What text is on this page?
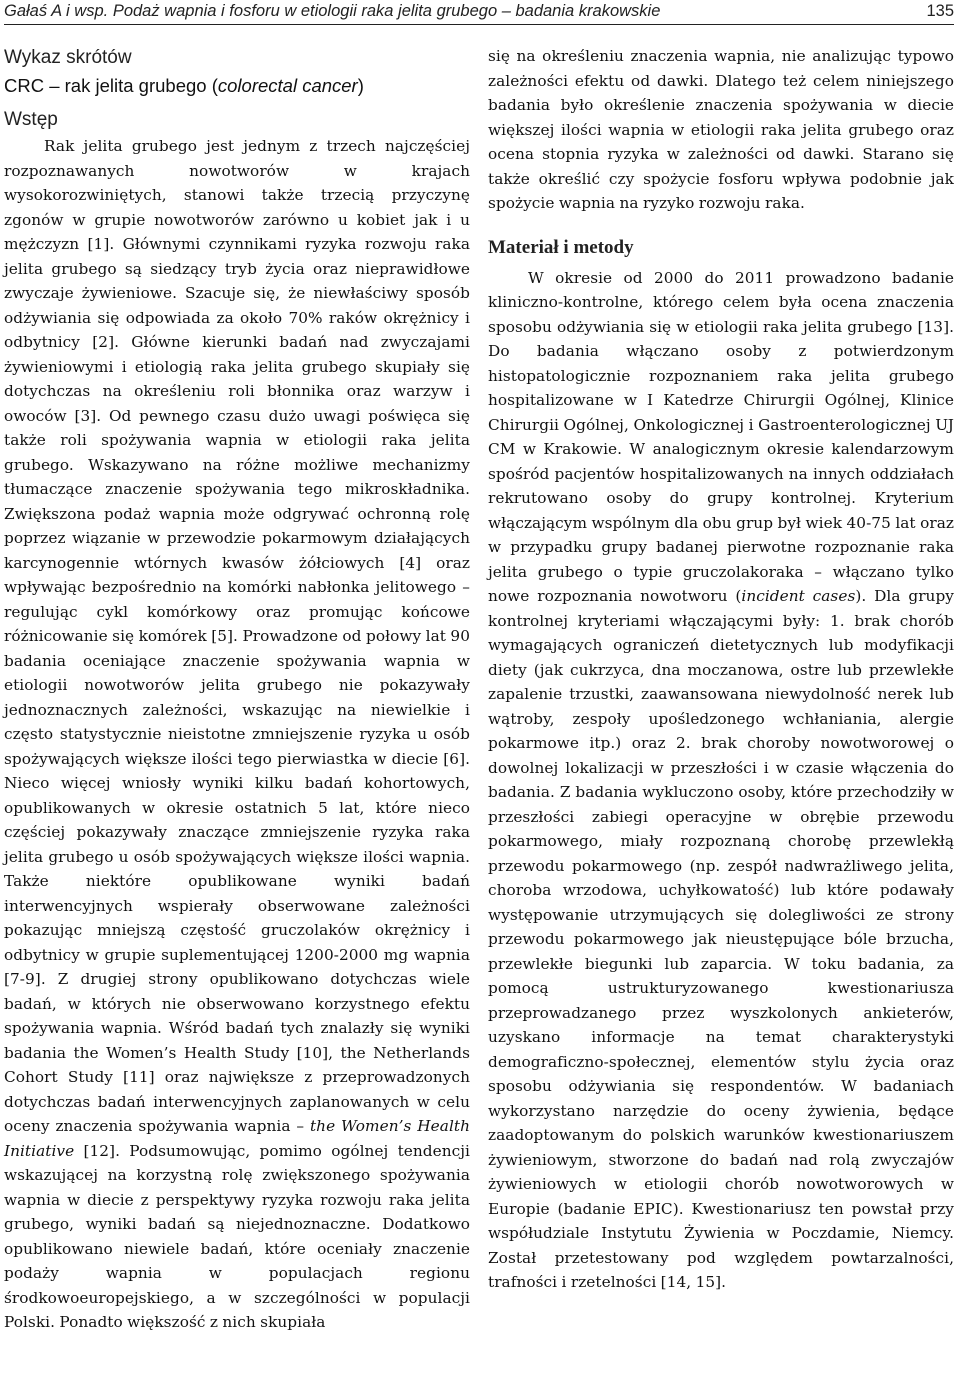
Gałaś A i wsp. Podaż wapnia i fosforu w etiologii raka jelita grubego – badania krakowskie	135
Wykaz skrótów
CRC – rak jelita grubego (colorectal cancer)
Wstęp

Rak jelita grubego jest jednym z trzech najczęściej rozpoznawanych nowotworów w krajach wysokorozwiniętych, stanowi także trzecią przyczynę zgonów w grupie nowotworów zarówno u kobiet jak i u mężczyzn [1]. Głównymi czynnikami ryzyka rozwoju raka jelita grubego są siedzący tryb życia oraz nieprawidłowe zwyczaje żywieniowe. Szacuje się, że niewłaściwy sposób odżywiania się odpowiada za około 70% raków okrężnicy i odbytnicy [2]. Główne kierunki badań nad zwyczajami żywieniowymi i etiologią raka jelita grubego skupiały się dotychczas na określeniu roli błonnika oraz warzyw i owoców [3]. Od pewnego czasu dużo uwagi poświęca się także roli spożywania wapnia w etiologii raka jelita grubego. Wskazywano na różne możliwe mechanizmy tłumaczące znaczenie spożywania tego mikroskładnika. Zwiększona podaż wapnia może odgrywać ochronną rolę poprzez wiązanie w przewodzie pokarmowym działających karcynogennie wtórnych kwasów żółciowych [4] oraz wpływając bezpośrednio na komórki nabłonka jelitowego – regulując cykl komórkowy oraz promując końcowe różnicowanie się komórek [5]. Prowadzone od połowy lat 90 badania oceniające znaczenie spożywania wapnia w etiologii nowotworów jelita grubego nie pokazywały jednoznacznych zależności, wskazując na niewielkie i często statystycznie nieistotne zmniejszenie ryzyka u osób spożywających większe ilości tego pierwiastka w diecie [6]. Nieco więcej wniosły wyniki kilku badań kohortowych, opublikowanych w okresie ostatnich 5 lat, które nieco częściej pokazywały znaczące zmniejszenie ryzyka raka jelita grubego u osób spożywających większe ilości wapnia. Także niektóre opublikowane wyniki badań interwencyjnych wspierały obserwowane zależności pokazując mniejszą częstość gruczolaków okrężnicy i odbytnicy w grupie suplementującej 1200-2000 mg wapnia [7-9]. Z drugiej strony opublikowano dotychczas wiele badań, w których nie obserwowano korzystnego efektu spożywania wapnia. Wśród badań tych znalazły się wyniki badania the Women’s Health Study [10], the Netherlands Cohort Study [11] oraz największe z przeprowadzonych dotychczas badań interwencyjnych zaplanowanych w celu oceny znaczenia spożywania wapnia – the Women’s Health Initiative [12]. Podsumowując, pomimo ogólnej tendencji wskazującej na korzystną rolę zwiększonego spożywania wapnia w diecie z perspektywy ryzyka rozwoju raka jelita grubego, wyniki badań są niejednoznaczne. Dodatkowo opublikowano niewiele badań, które oceniały znaczenie podaży wapnia w populacjach regionu środkowoeuropejskiego, a w szczególności w populacji Polski. Ponadto większość z nich skupiała

się na określeniu znaczenia wapnia, nie analizując typowo zależności efektu od dawki. Dlatego też celem niniejszego badania było określenie znaczenia spożywania w diecie większej ilości wapnia w etiologii raka jelita grubego oraz ocena stopnia ryzyka w zależności od dawki. Starano się także określić czy spożycie fosforu wpływa podobnie jak spożycie wapnia na ryzyko rozwoju raka.

Materiał i metody

W okresie od 2000 do 2011 prowadzono badanie kliniczno-kontrolne, którego celem była ocena znaczenia sposobu odżywiania się w etiologii raka jelita grubego [13]. Do badania włączano osoby z potwierdzonym histopatologicznie rozpoznaniem raka jelita grubego hospitalizowane w I Katedrze Chirurgii Ogólnej, Klinice Chirurgii Ogólnej, Onkologicznej i Gastroenterologicznej UJ CM w Krakowie. W analogicznym okresie kalendarzowym spośród pacjentów hospitalizowanych na innych oddziałach rekrutowano osoby do grupy kontrolnej. Kryterium włączającym wspólnym dla obu grup był wiek 40-75 lat oraz w przypadku grupy badanej pierwotne rozpoznanie raka jelita grubego o typie gruczolakoraka – włączano tylko nowe rozpoznania nowotworu (incident cases). Dla grupy kontrolnej kryteriami włączającymi były: 1. brak chorób wymagających ograniczeń dietetycznych lub modyfikacji diety (jak cukrzyca, dna moczanowa, ostre lub przewlekłe zapalenie trzustki, zaawansowana niewydolność nerek lub wątroby, zespoły upośledzonego wchłaniania, alergie pokarmowe itp.) oraz 2. brak choroby nowotworowej o dowolnej lokalizacji w przeszłości i w czasie włączenia do badania. Z badania wykluczono osoby, które przechodziły w przeszłości zabiegi operacyjne w obrębie przewodu pokarmowego, miały rozpoznaną chorobę przewlekłą przewodu pokarmowego (np. zespół nadwrażliwego jelita, choroba wrzodowa, uchyłkowatość) lub które podawały występowanie utrzymujących się dolegliwości ze strony przewodu pokarmowego jak nieustępujące bóle brzucha, przewlekłe biegunki lub zaparcia. W toku badania, za pomocą ustrukturyzowanego kwestionariusza przeprowadzanego przez wyszkolonych ankieterów, uzyskano informacje na temat charakterystyki demograficzno-społecznej, elementów stylu życia oraz sposobu odżywiania się respondentów. W badaniach wykorzystano narzędzie do oceny żywienia, będące zaadoptowanym do polskich warunków kwestionariuszem żywieniowym, stworzone do badań nad rolą zwyczajów żywieniowych w etiologii chorób nowotworowych w Europie (badanie EPIC). Kwestionariusz ten powstał przy współudziale Instytutu Żywienia w Poczdamie, Niemcy. Został przetestowany pod względem powtarzalności, trafności i rzetelności [14, 15].
